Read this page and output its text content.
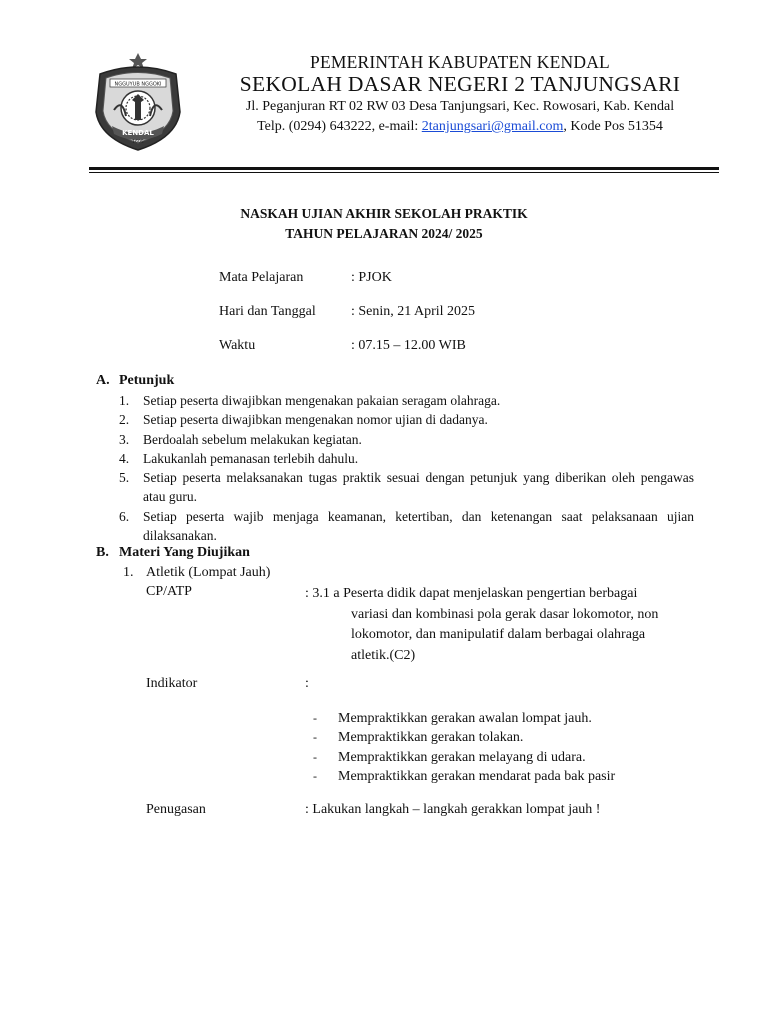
NGGUYUB NGGOKI
KENDAL
1605
PEMERINTAH KABUPATEN KENDAL
SEKOLAH DASAR NEGERI 2 TANJUNGSARI
Jl. Peganjuran RT 02 RW 03 Desa Tanjungsari, Kec. Rowosari, Kab. Kendal
Telp. (0294) 643222, e-mail: 2tanjungsari@gmail.com, Kode Pos 51354
NASKAH UJIAN AKHIR SEKOLAH PRAKTIK
TAHUN PELAJARAN 2024/ 2025
Mata Pelajaran	: PJOK
Hari dan Tanggal	: Senin, 21 April 2025
Waktu	: 07.15 – 12.00 WIB
A. Petunjuk
1. Setiap peserta diwajibkan mengenakan pakaian seragam olahraga.
2. Setiap peserta diwajibkan mengenakan nomor ujian di dadanya.
3. Berdoalah sebelum melakukan kegiatan.
4. Lakukanlah pemanasan terlebih dahulu.
5. Setiap peserta melaksanakan tugas praktik sesuai dengan petunjuk yang diberikan oleh pengawas atau guru.
6. Setiap peserta wajib menjaga keamanan, ketertiban, dan ketenangan saat pelaksanaan ujian dilaksanakan.
B. Materi Yang Diujikan
1. Atletik (Lompat Jauh)
CP/ATP	: 3.1 a Peserta didik dapat menjelaskan pengertian berbagai
variasi dan kombinasi pola gerak dasar lokomotor, non
lokomotor, dan manipulatif dalam berbagai olahraga
atletik.(C2)
Indikator	:
- Mempraktikkan gerakan awalan lompat jauh.
- Mempraktikkan gerakan tolakan.
- Mempraktikkan gerakan melayang di udara.
- Mempraktikkan gerakan mendarat pada bak pasir
Penugasan	: Lakukan langkah – langkah gerakkan lompat jauh !
